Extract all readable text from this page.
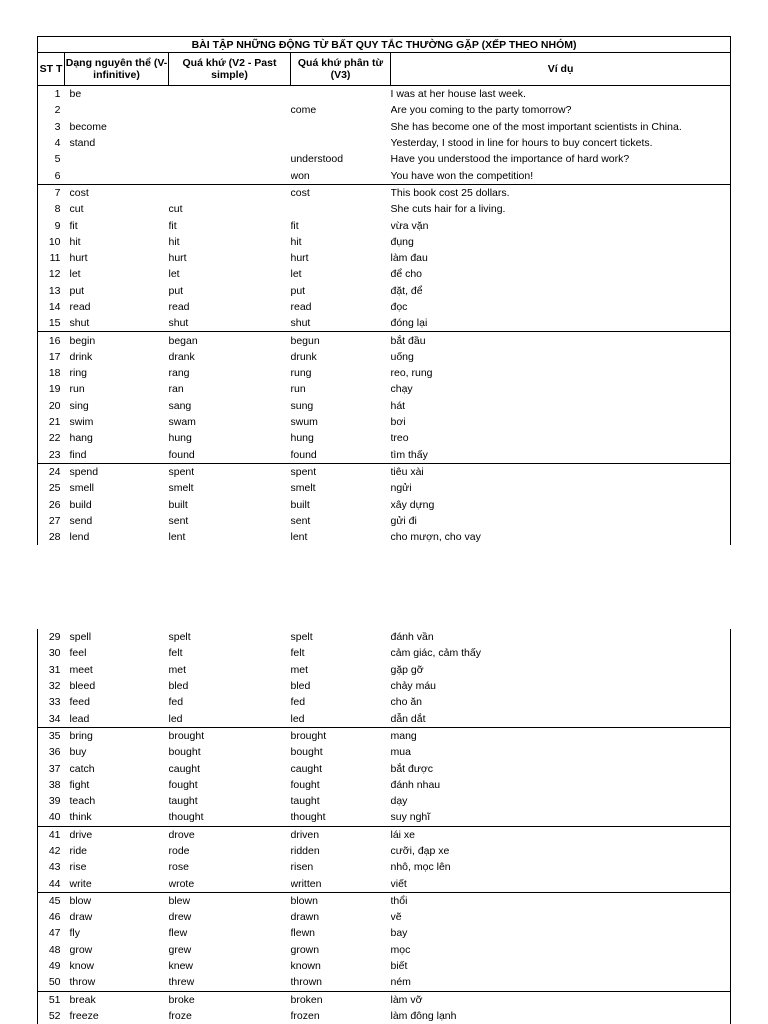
BÀI TẬP NHỮNG ĐỘNG TỪ BẤT QUY TẮC THƯỜNG GẶP (XẾP THEO NHÓM)				
ST T	Dạng nguyên thể (V-infinitive)	Quá khứ (V2 - Past simple)	Quá khứ phân từ (V3)	Ví dụ
1	be			I was at her house last week.
2			come	Are you coming to the party tomorrow?
3	become			She has become one of the most important scientists in China.
4	stand			Yesterday, I stood in line for hours to buy concert tickets.
5			understood	Have you understood the importance of hard work?
6			won	You have won the competition!
7	cost		cost	This book cost 25 dollars.
8	cut	cut		She cuts hair for a living.
9	fit	fit	fit	vừa vặn
10	hit	hit	hit	đụng
11	hurt	hurt	hurt	làm đau
12	let	let	let	để cho
13	put	put	put	đặt, để
14	read	read	read	đọc
15	shut	shut	shut	đóng lại
16	begin	began	begun	bắt đầu
17	drink	drank	drunk	uống
18	ring	rang	rung	reo, rung
19	run	ran	run	chạy
20	sing	sang	sung	hát
21	swim	swam	swum	bơi
22	hang	hung	hung	treo
23	find	found	found	tìm thấy
24	spend	spent	spent	tiêu xài
25	smell	smelt	smelt	ngửi
26	build	built	built	xây dựng
27	send	sent	sent	gửi đi
28	lend	lent	lent	cho mượn, cho vay
29	spell	spelt	spelt	đánh vần
30	feel	felt	felt	cảm giác, cảm thấy
31	meet	met	met	gặp gỡ
32	bleed	bled	bled	chảy máu
33	feed	fed	fed	cho ăn
34	lead	led	led	dẫn dắt
35	bring	brought	brought	mang
36	buy	bought	bought	mua
37	catch	caught	caught	bắt được
38	fight	fought	fought	đánh nhau
39	teach	taught	taught	dạy
40	think	thought	thought	suy nghĩ
41	drive	drove	driven	lái xe
42	ride	rode	ridden	cưỡi, đạp xe
43	rise	rose	risen	nhô, mọc lên
44	write	wrote	written	viết
45	blow	blew	blown	thổi
46	draw	drew	drawn	vẽ
47	fly	flew	flewn	bay
48	grow	grew	grown	mọc
49	know	knew	known	biết
50	throw	threw	thrown	ném
51	break	broke	broken	làm vỡ
52	freeze	froze	frozen	làm đông lạnh
